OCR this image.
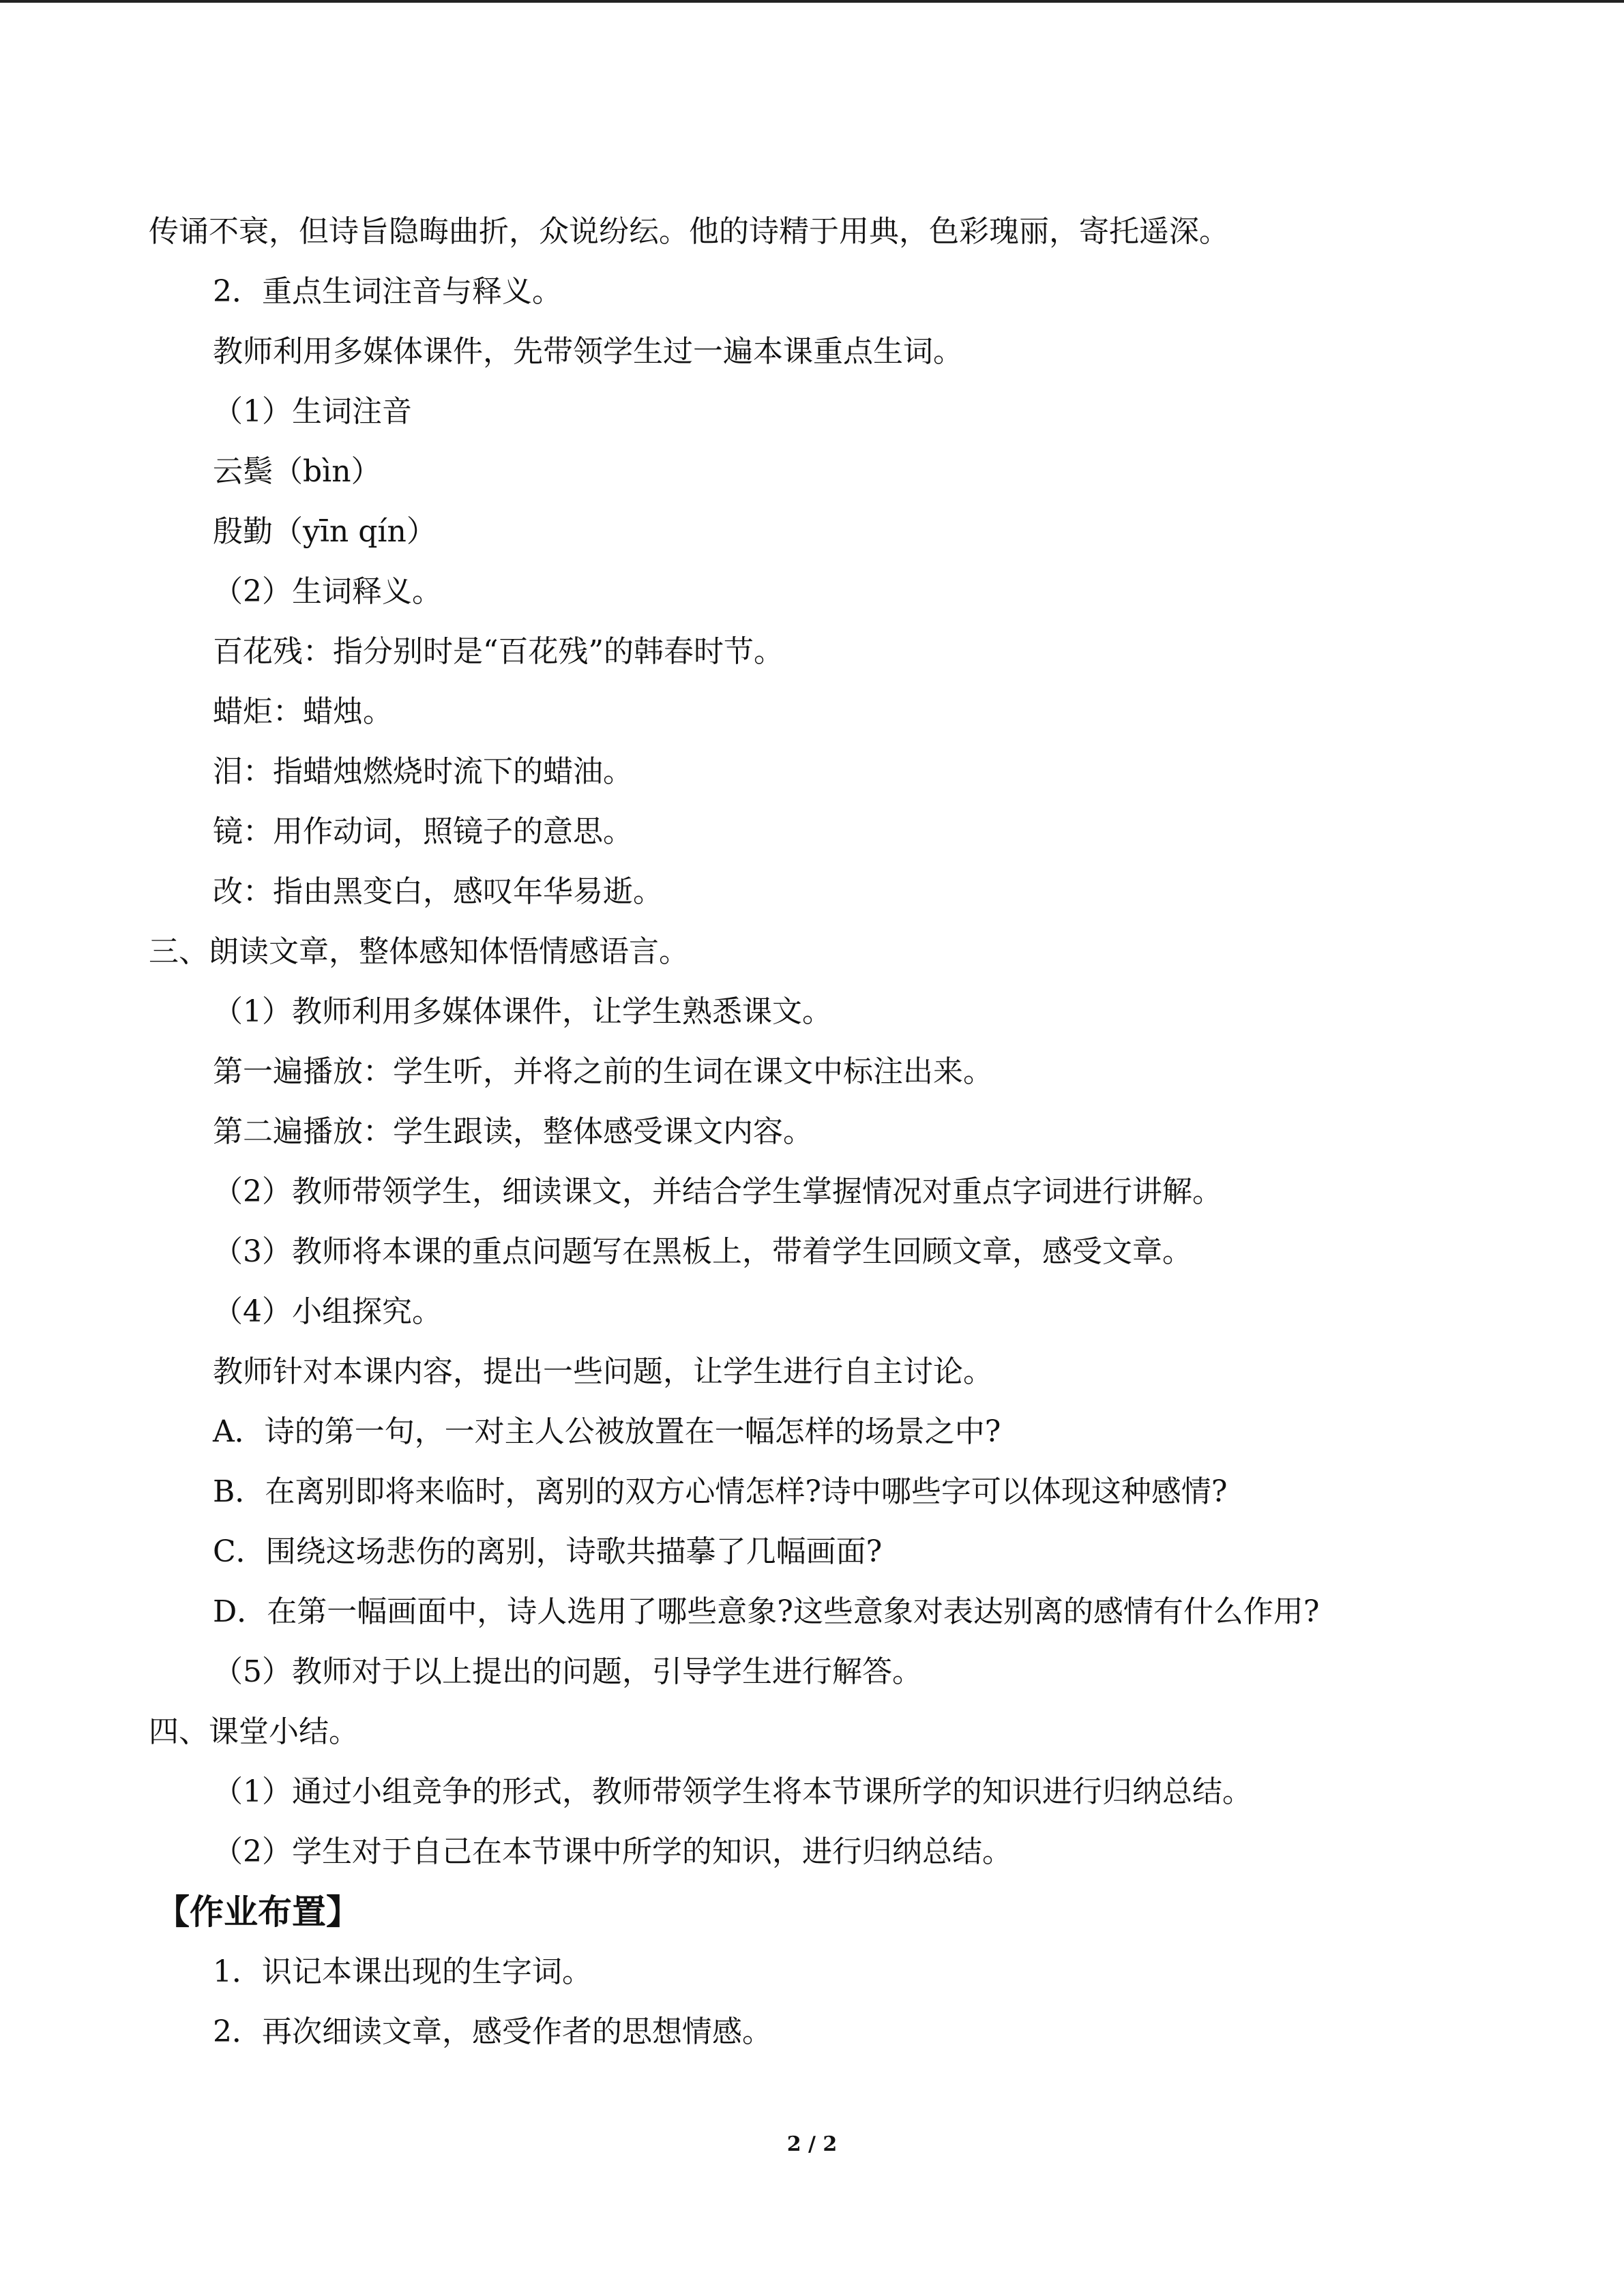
传诵不衰，但诗旨隐晦曲折，众说纷纭。他的诗精于用典，色彩瑰丽，寄托遥深。
2．重点生词注音与释义。
教师利用多媒体课件，先带领学生过一遍本课重点生词。
（1）生词注音
云鬓（bìn）
殷勤（yīn qín）
（2）生词释义。
百花残：指分别时是“百花残”的韩春时节。
蜡炬：蜡烛。
泪：指蜡烛燃烧时流下的蜡油。
镜：用作动词，照镜子的意思。
改：指由黑变白，感叹年华易逝。
三、朗读文章，整体感知体悟情感语言。
（1）教师利用多媒体课件，让学生熟悉课文。
第一遍播放：学生听，并将之前的生词在课文中标注出来。
第二遍播放：学生跟读，整体感受课文内容。
（2）教师带领学生，细读课文，并结合学生掌握情况对重点字词进行讲解。
（3）教师将本课的重点问题写在黑板上，带着学生回顾文章，感受文章。
（4）小组探究。
教师针对本课内容，提出一些问题，让学生进行自主讨论。
A．诗的第一句，一对主人公被放置在一幅怎样的场景之中?
B．在离别即将来临时，离别的双方心情怎样?诗中哪些字可以体现这种感情?
C．围绕这场悲伤的离别，诗歌共描摹了几幅画面?
D．在第一幅画面中，诗人选用了哪些意象?这些意象对表达别离的感情有什么作用?
（5）教师对于以上提出的问题，引导学生进行解答。
四、课堂小结。
（1）通过小组竞争的形式，教师带领学生将本节课所学的知识进行归纳总结。
（2）学生对于自己在本节课中所学的知识，进行归纳总结。
【作业布置】
1．识记本课出现的生字词。
2．再次细读文章，感受作者的思想情感。
2 / 2
